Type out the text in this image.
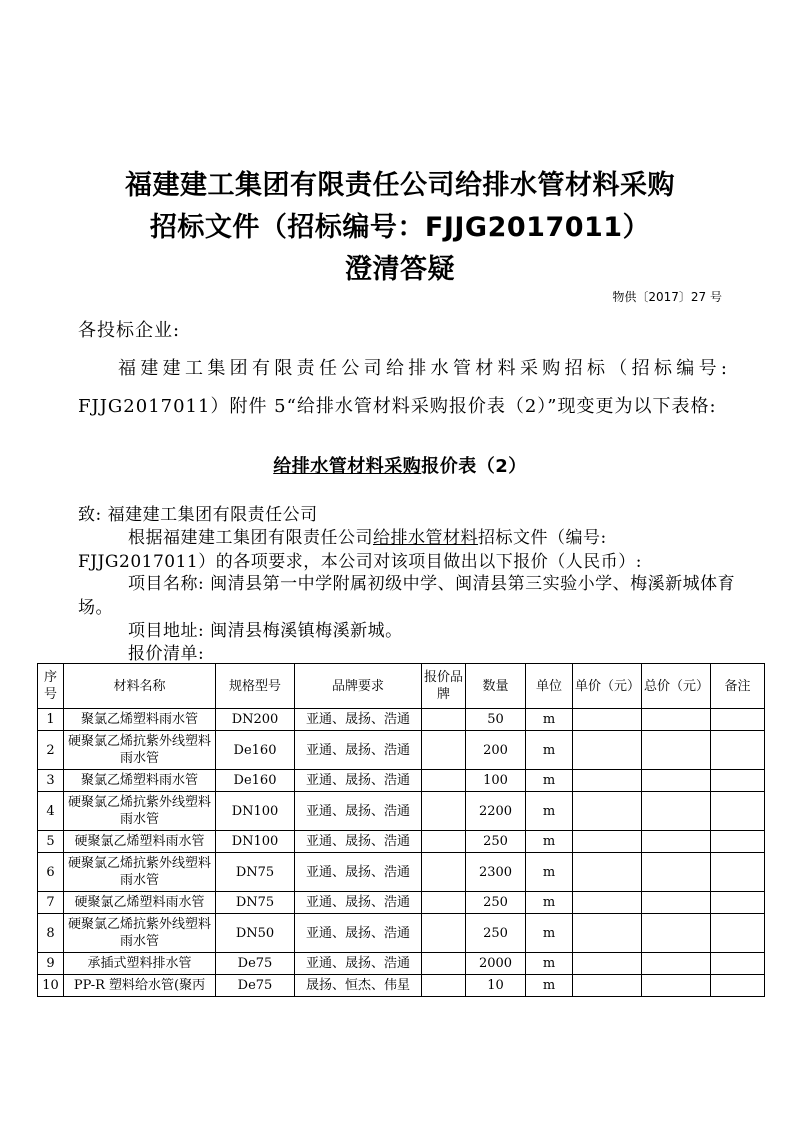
福建建工集团有限责任公司给排水管材料采购
招标文件（招标编号：FJJG2017011）
澄清答疑
物供〔2017〕27 号
各投标企业:
福建建工集团有限责任公司给排水管材料采购招标（招标编号: FJJG2017011）附件 5“给排水管材料采购报价表（2）”现变更为以下表格:
给排水管材料采购报价表（2）
致: 福建建工集团有限责任公司
根据福建建工集团有限责任公司给排水管材料招标文件（编号: FJJG2017011）的各项要求，本公司对该项目做出以下报价（人民币）:
项目名称: 闽清县第一中学附属初级中学、闽清县第三实验小学、梅溪新城体育场。
项目地址: 闽清县梅溪镇梅溪新城。
报价清单:
序号	材料名称	规格型号	品牌要求	报价品牌	数量	单位	单价（元）	总价（元）	备注
1	聚氯乙烯塑料雨水管	DN200	亚通、晟扬、浩通		50	m			
2	硬聚氯乙烯抗紫外线塑料雨水管	De160	亚通、晟扬、浩通		200	m			
3	聚氯乙烯塑料雨水管	De160	亚通、晟扬、浩通		100	m			
4	硬聚氯乙烯抗紫外线塑料雨水管	DN100	亚通、晟扬、浩通		2200	m			
5	硬聚氯乙烯塑料雨水管	DN100	亚通、晟扬、浩通		250	m			
6	硬聚氯乙烯抗紫外线塑料雨水管	DN75	亚通、晟扬、浩通		2300	m			
7	硬聚氯乙烯塑料雨水管	DN75	亚通、晟扬、浩通		250	m			
8	硬聚氯乙烯抗紫外线塑料雨水管	DN50	亚通、晟扬、浩通		250	m			
9	承插式塑料排水管	De75	亚通、晟扬、浩通		2000	m			
10	PP-R 塑料给水管(聚丙	De75	晟扬、恒杰、伟星		10	m			
